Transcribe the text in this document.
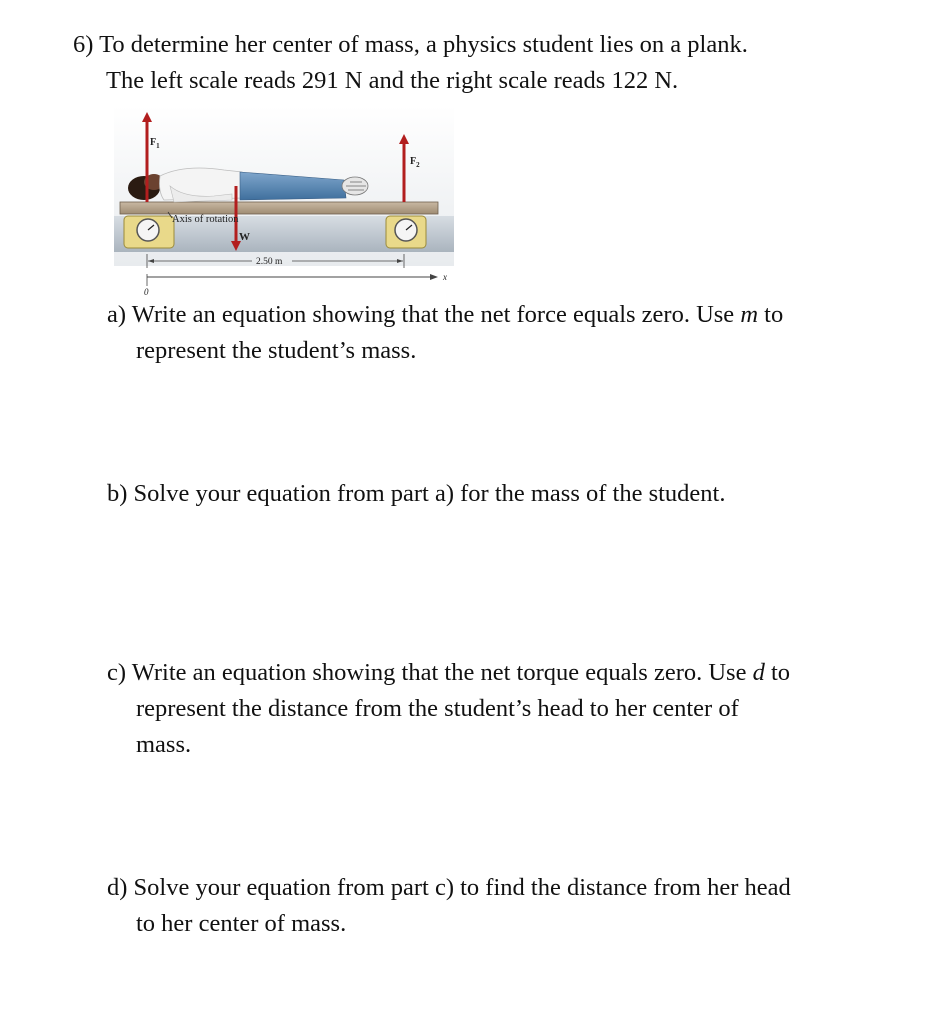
6) To determine her center of mass, a physics student lies on a plank.
The left scale reads 291 N and the right scale reads 122 N.
$F_1$
$F_2$
W
Axis of rotation
2.50 m
x
0
a) Write an equation showing that the net force equals zero. Use m to
represent the student’s mass.
b) Solve your equation from part a) for the mass of the student.
c) Write an equation showing that the net torque equals zero. Use d to
represent the distance from the student’s head to her center of
mass.
d) Solve your equation from part c) to find the distance from her head
to her center of mass.
